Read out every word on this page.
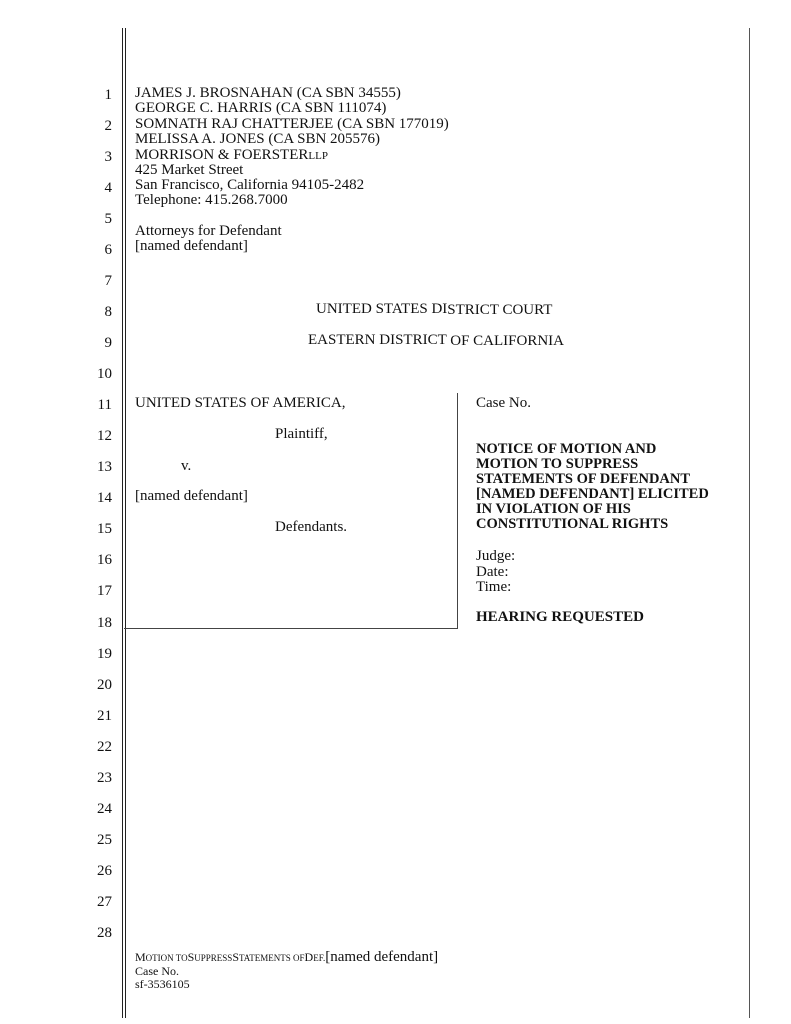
1
2
3
4
5
6
7
8
9
10
11
12
13
14
15
16
17
18
19
20
21
22
23
24
25
26
27
28
JAMES J. BROSNAHAN (CA SBN 34555)
GEORGE C. HARRIS (CA SBN 111074)
SOMNATH RAJ CHATTERJEE (CA SBN 177019)
MELISSA A. JONES (CA SBN 205576)
MORRISON & FOERSTERLLP
425 Market Street
San Francisco, California 94105-2482
Telephone: 415.268.7000
Attorneys for Defendant
[named defendant]
UNITED STATES DISTRICT COURT
EASTERN DISTRICT OF CALIFORNIA
UNITED STATES OF AMERICA,
Plaintiff,
v.
[named defendant]
Defendants.
Case No.
NOTICE OF MOTION AND
MOTION TO SUPPRESS
STATEMENTS OF DEFENDANT
[NAMED DEFENDANT] ELICITED
IN VIOLATION OF HIS
CONSTITUTIONAL RIGHTS
Judge:
Date:
Time:
HEARING REQUESTED
MOTION TOSUPPRESSSTATEMENTS OFDEF.[named defendant]
Case No.
sf-3536105
